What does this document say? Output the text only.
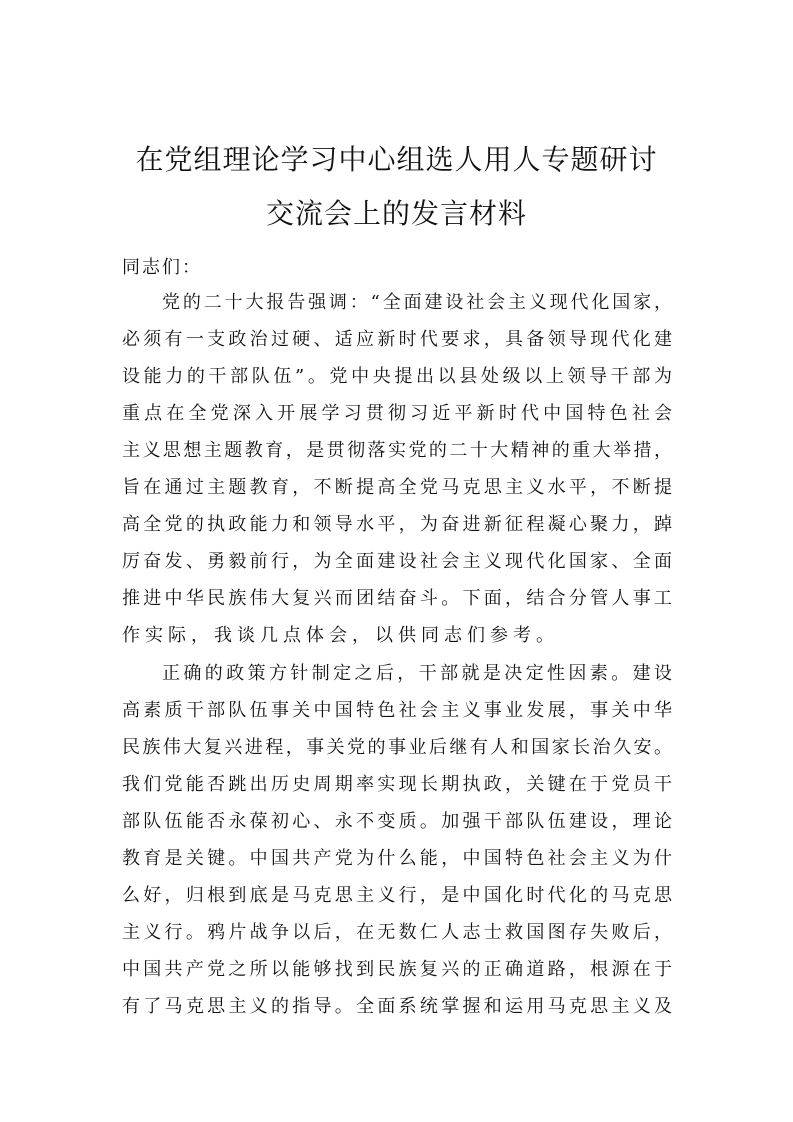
在党组理论学习中心组选人用人专题研讨
交流会上的发言材料
同志们：
党的二十大报告强调：“全面建设社会主义现代化国家，
必须有一支政治过硬、适应新时代要求，具备领导现代化建
设能力的干部队伍”。党中央提出以县处级以上领导干部为
重点在全党深入开展学习贯彻习近平新时代中国特色社会
主义思想主题教育，是贯彻落实党的二十大精神的重大举措，
旨在通过主题教育，不断提高全党马克思主义水平，不断提
高全党的执政能力和领导水平，为奋进新征程凝心聚力，踔
厉奋发、勇毅前行，为全面建设社会主义现代化国家、全面
推进中华民族伟大复兴而团结奋斗。下面，结合分管人事工
作实际，我谈几点体会，以供同志们参考。
正确的政策方针制定之后，干部就是决定性因素。建设
高素质干部队伍事关中国特色社会主义事业发展，事关中华
民族伟大复兴进程，事关党的事业后继有人和国家长治久安。
我们党能否跳出历史周期率实现长期执政，关键在于党员干
部队伍能否永葆初心、永不变质。加强干部队伍建设，理论
教育是关键。中国共产党为什么能，中国特色社会主义为什
么好，归根到底是马克思主义行，是中国化时代化的马克思
主义行。鸦片战争以后，在无数仁人志士救国图存失败后，
中国共产党之所以能够找到民族复兴的正确道路，根源在于
有了马克思主义的指导。全面系统掌握和运用马克思主义及
